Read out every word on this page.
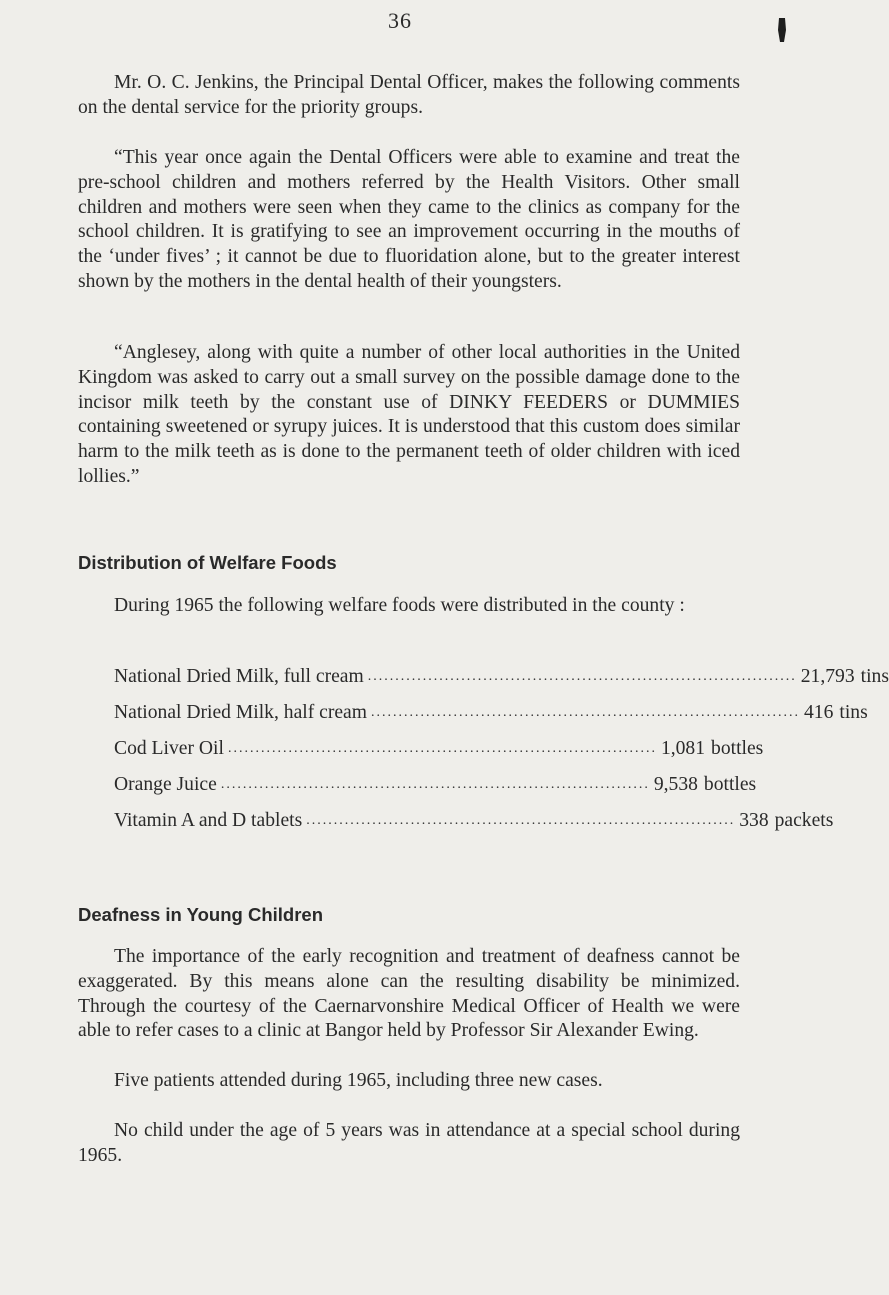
36

Mr. O. C. Jenkins, the Principal Dental Officer, makes the following comments on the dental service for the priority groups.

“This year once again the Dental Officers were able to examine and treat the pre-school children and mothers referred by the Health Visitors. Other small children and mothers were seen when they came to the clinics as company for the school children. It is gratifying to see an improvement occurring in the mouths of the ‘under fives’ ; it cannot be due to fluoridation alone, but to the greater interest shown by the mothers in the dental health of their youngsters.

“Anglesey, along with quite a number of other local authorities in the United Kingdom was asked to carry out a small survey on the possible damage done to the incisor milk teeth by the constant use of DINKY FEEDERS or DUMMIES containing sweetened or syrupy juices. It is understood that this custom does similar harm to the milk teeth as is done to the permanent teeth of older children with iced lollies.”

Distribution of Welfare Foods

During 1965 the following welfare foods were distributed in the county :

National Dried Milk, full cream .............................................................................. 21,793 tins
National Dried Milk, half cream .............................................................................. 416 tins
Cod Liver Oil .............................................................................. 1,081 bottles
Orange Juice .............................................................................. 9,538 bottles
Vitamin A and D tablets .............................................................................. 338 packets
Deafness in Young Children

The importance of the early recognition and treatment of deafness cannot be exaggerated. By this means alone can the resulting disability be minimized. Through the courtesy of the Caernarvonshire Medical Officer of Health we were able to refer cases to a clinic at Bangor held by Professor Sir Alexander Ewing.

Five patients attended during 1965, including three new cases.

No child under the age of 5 years was in attendance at a special school during 1965.
